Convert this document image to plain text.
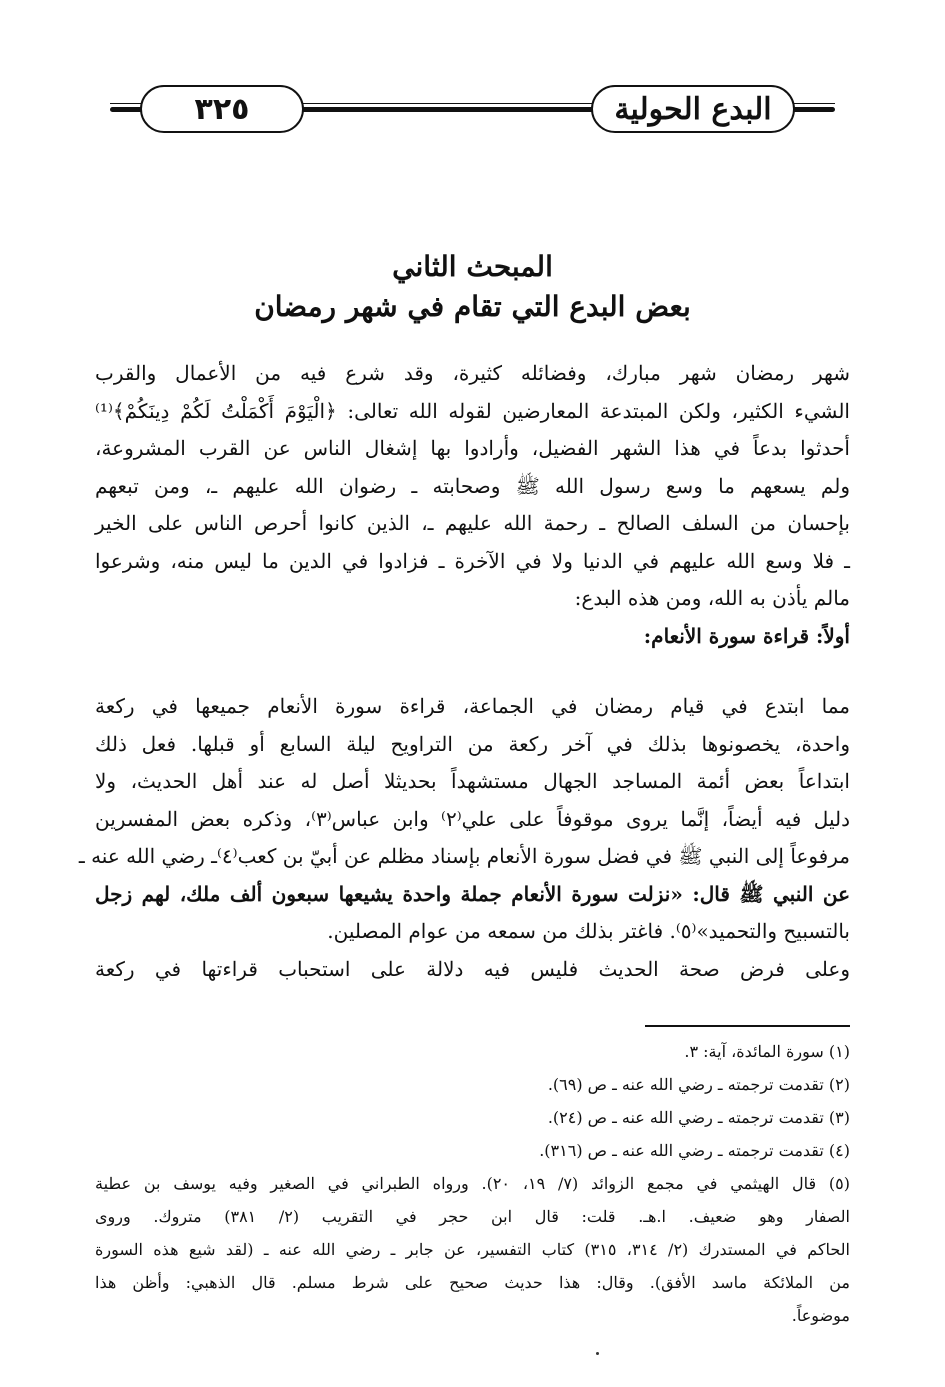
٣٢٥	البدع الحولية
المبحث الثاني
بعض البدع التي تقام في شهر رمضان
شهر رمضان شهر مبارك، وفضائله كثيرة، وقد شرع فيه من الأعمال والقرب
الشيء الكثير، ولكن المبتدعة المعارضين لقوله الله تعالى: ﴿الْيَوْمَ أَكْمَلْتُ لَكُمْ دِينَكُمْ﴾⁽¹⁾
أحدثوا بدعاً في هذا الشهر الفضيل، وأرادوا بها إشغال الناس عن القرب المشروعة،
ولم يسعهم ما وسع رسول الله ﷺ وصحابته ـ رضوان الله عليهم ـ، ومن تبعهم
بإحسان من السلف الصالح ـ رحمة الله عليهم ـ، الذين كانوا أحرص الناس على الخير
ـ فلا وسع الله عليهم في الدنيا ولا في الآخرة ـ فزادوا في الدين ما ليس منه، وشرعوا
مالم يأذن به الله، ومن هذه البدع:
أولاً: قراءة سورة الأنعام:
مما ابتدع في قيام رمضان في الجماعة، قراءة سورة الأنعام جميعها في ركعة
واحدة، يخصونوها بذلك في آخر ركعة من التراويح ليلة السابع أو قبلها. فعل ذلك
ابتداعاً بعض أئمة المساجد الجهال مستشهداً بحديثلا أصل له عند أهل الحديث، ولا
دليل فيه أيضاً، إنَّما يروى موقوفاً على علي⁽٢⁾ وابن عباس⁽٣⁾، وذكره بعض المفسرين
مرفوعاً إلى النبي ﷺ في فضل سورة الأنعام بإسناد مظلم عن أبيّ بن كعب⁽٤⁾ـ رضي الله عنه ـ
عن النبي ﷺ قال: «نزلت سورة الأنعام جملة واحدة يشيعها سبعون ألف ملك، لهم زجل
بالتسبيح والتحميد»⁽٥⁾. فاغتر بذلك من سمعه من عوام المصلين.
وعلى فرض صحة الحديث فليس فيه دلالة على استحباب قراءتها في ركعة
(١) سورة المائدة، آية: ٣.
(٢) تقدمت ترجمته ـ رضي الله عنه ـ ص (٦٩).
(٣) تقدمت ترجمته ـ رضي الله عنه ـ ص (٢٤).
(٤) تقدمت ترجمته ـ رضي الله عنه ـ ص (٣١٦).
(٥) قال الهيثمي في مجمع الزوائد (٧/ ١٩، ٢٠). ورواه الطبراني في الصغير وفيه يوسف بن عطية
الصفار وهو ضعيف. ا.هـ. قلت: قال ابن حجر في التقريب (٢/ ٣٨١) متروك. وروى
الحاكم في المستدرك (٢/ ٣١٤، ٣١٥) كتاب التفسير، عن جابر ـ رضي الله عنه ـ (لقد شيع هذه السورة
من الملائكة ماسد الأفق). وقال: هذا حديث صحيح على شرط مسلم. قال الذهبي: وأظن هذا
موضوعاً.
